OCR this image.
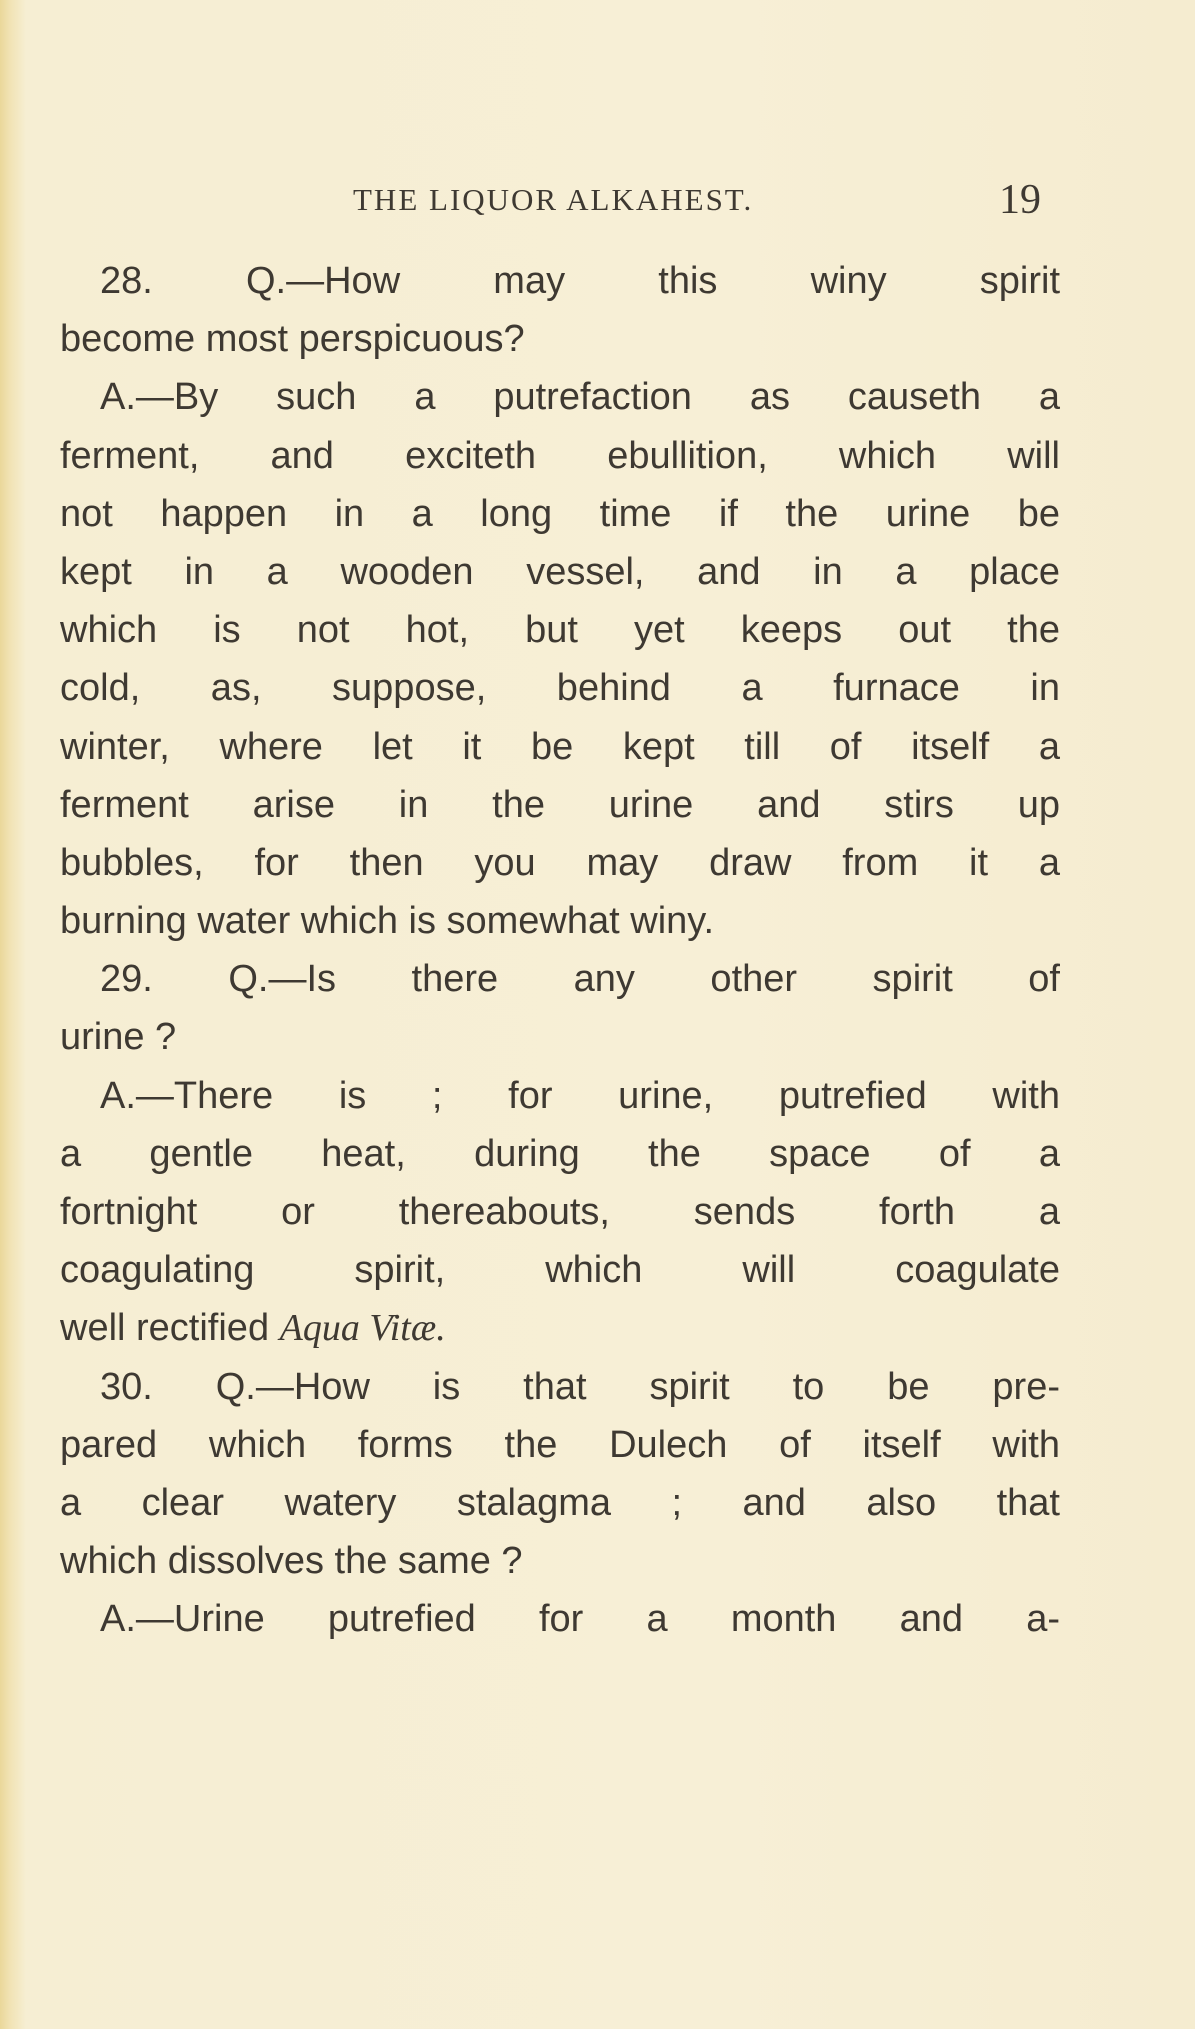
THE LIQUOR ALKAHEST.	19
28. Q.—How may this winy spirit
become most perspicuous?
A.—By such a putrefaction as causeth a
ferment, and exciteth ebullition, which will
not happen in a long time if the urine be
kept in a wooden vessel, and in a place
which is not hot, but yet keeps out the
cold, as, suppose, behind a furnace in
winter, where let it be kept till of itself a
ferment arise in the urine and stirs up
bubbles, for then you may draw from it a
burning water which is somewhat winy.
29. Q.—Is there any other spirit of
urine ?
A.—There is ; for urine, putrefied with
a gentle heat, during the space of a
fortnight or thereabouts, sends forth a
coagulating spirit, which will coagulate
well rectified Aqua Vitæ.
30. Q.—How is that spirit to be pre-
pared which forms the Dulech of itself with
a clear watery stalagma ; and also that
which dissolves the same ?
A.—Urine putrefied for a month and a-
